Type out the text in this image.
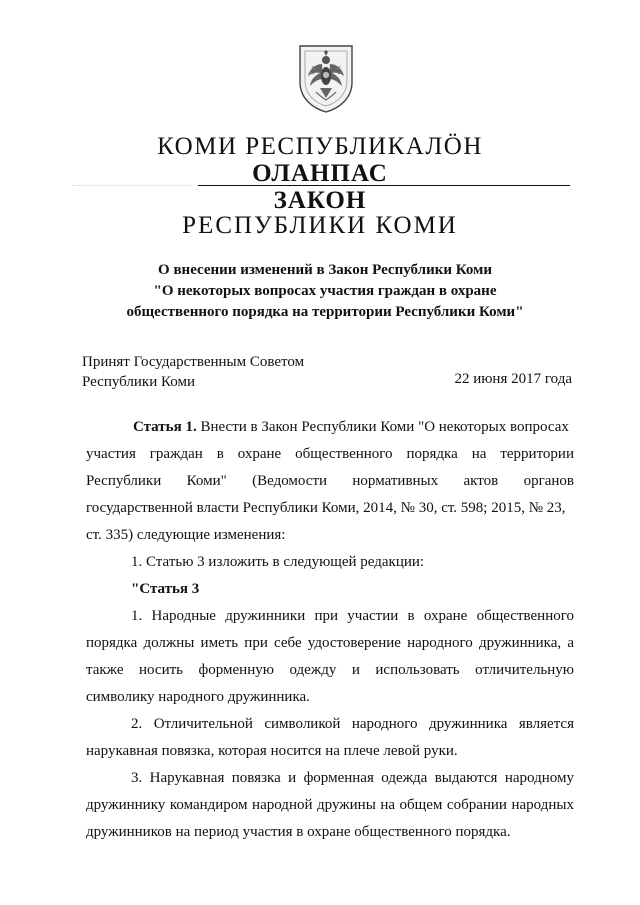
КОМИ РЕСПУБЛИКАЛÖН
ОЛАНПАС
ЗАКОН
РЕСПУБЛИКИ КОМИ
О внесении изменений в Закон Республики Коми
"О некоторых вопросах участия граждан в охране
общественного порядка на территории Республики Коми"
Принят Государственным Советом
Республики Коми	22 июня 2017 года
Статья 1. Внести в Закон Республики Коми "О некоторых вопросах
участия граждан в охране общественного порядка на территории
Республики Коми" (Ведомости нормативных актов органов
государственной власти Республики Коми, 2014, № 30, ст. 598; 2015, № 23,
ст. 335) следующие изменения:
1. Статью 3 изложить в следующей редакции:
"Статья 3
1. Народные дружинники при участии в охране общественного
порядка должны иметь при себе удостоверение народного дружинника, а
также носить форменную одежду и использовать отличительную
символику народного дружинника.
2. Отличительной символикой народного дружинника является
нарукавная повязка, которая носится на плече левой руки.
3. Нарукавная повязка и форменная одежда выдаются народному
дружиннику командиром народной дружины на общем собрании народных
дружинников на период участия в охране общественного порядка.
